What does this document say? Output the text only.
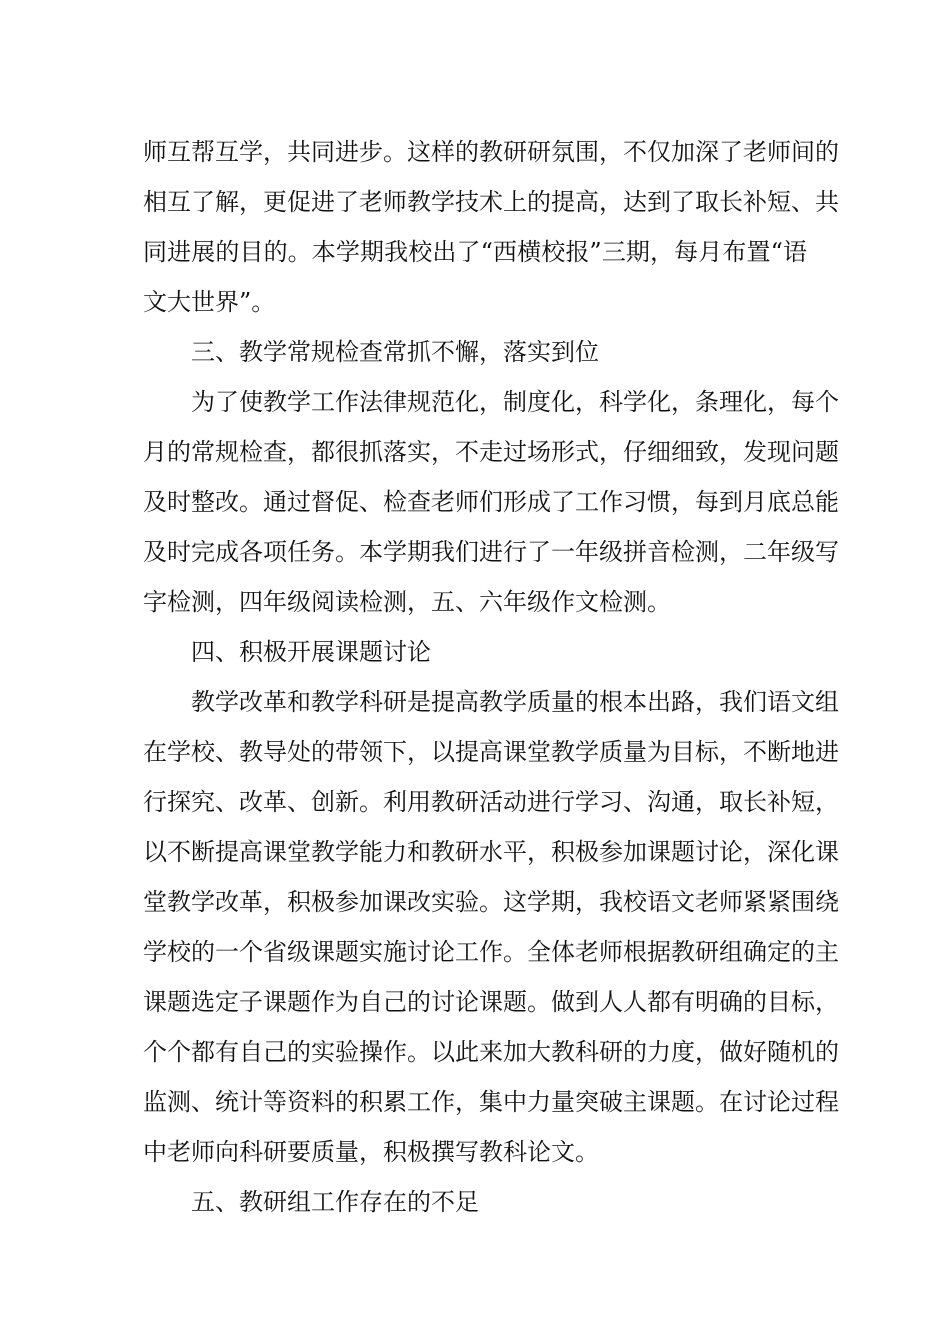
师互帮互学，共同进步。这样的教研研氛围，不仅加深了老师间的
相互了解，更促进了老师教学技术上的提高，达到了取长补短、共
同进展的目的。本学期我校出了“西横校报”三期，每月布置“语
文大世界”。
三、教学常规检查常抓不懈，落实到位
为了使教学工作法律规范化，制度化，科学化，条理化，每个
月的常规检查，都很抓落实，不走过场形式，仔细细致，发现问题
及时整改。通过督促、检查老师们形成了工作习惯，每到月底总能
及时完成各项任务。本学期我们进行了一年级拼音检测，二年级写
字检测，四年级阅读检测，五、六年级作文检测。
四、积极开展课题讨论
教学改革和教学科研是提高教学质量的根本出路，我们语文组
在学校、教导处的带领下，以提高课堂教学质量为目标，不断地进
行探究、改革、创新。利用教研活动进行学习、沟通，取长补短，
以不断提高课堂教学能力和教研水平，积极参加课题讨论，深化课
堂教学改革，积极参加课改实验。这学期，我校语文老师紧紧围绕
学校的一个省级课题实施讨论工作。全体老师根据教研组确定的主
课题选定子课题作为自己的讨论课题。做到人人都有明确的目标，
个个都有自己的实验操作。以此来加大教科研的力度，做好随机的
监测、统计等资料的积累工作，集中力量突破主课题。在讨论过程
中老师向科研要质量，积极撰写教科论文。
五、教研组工作存在的不足
